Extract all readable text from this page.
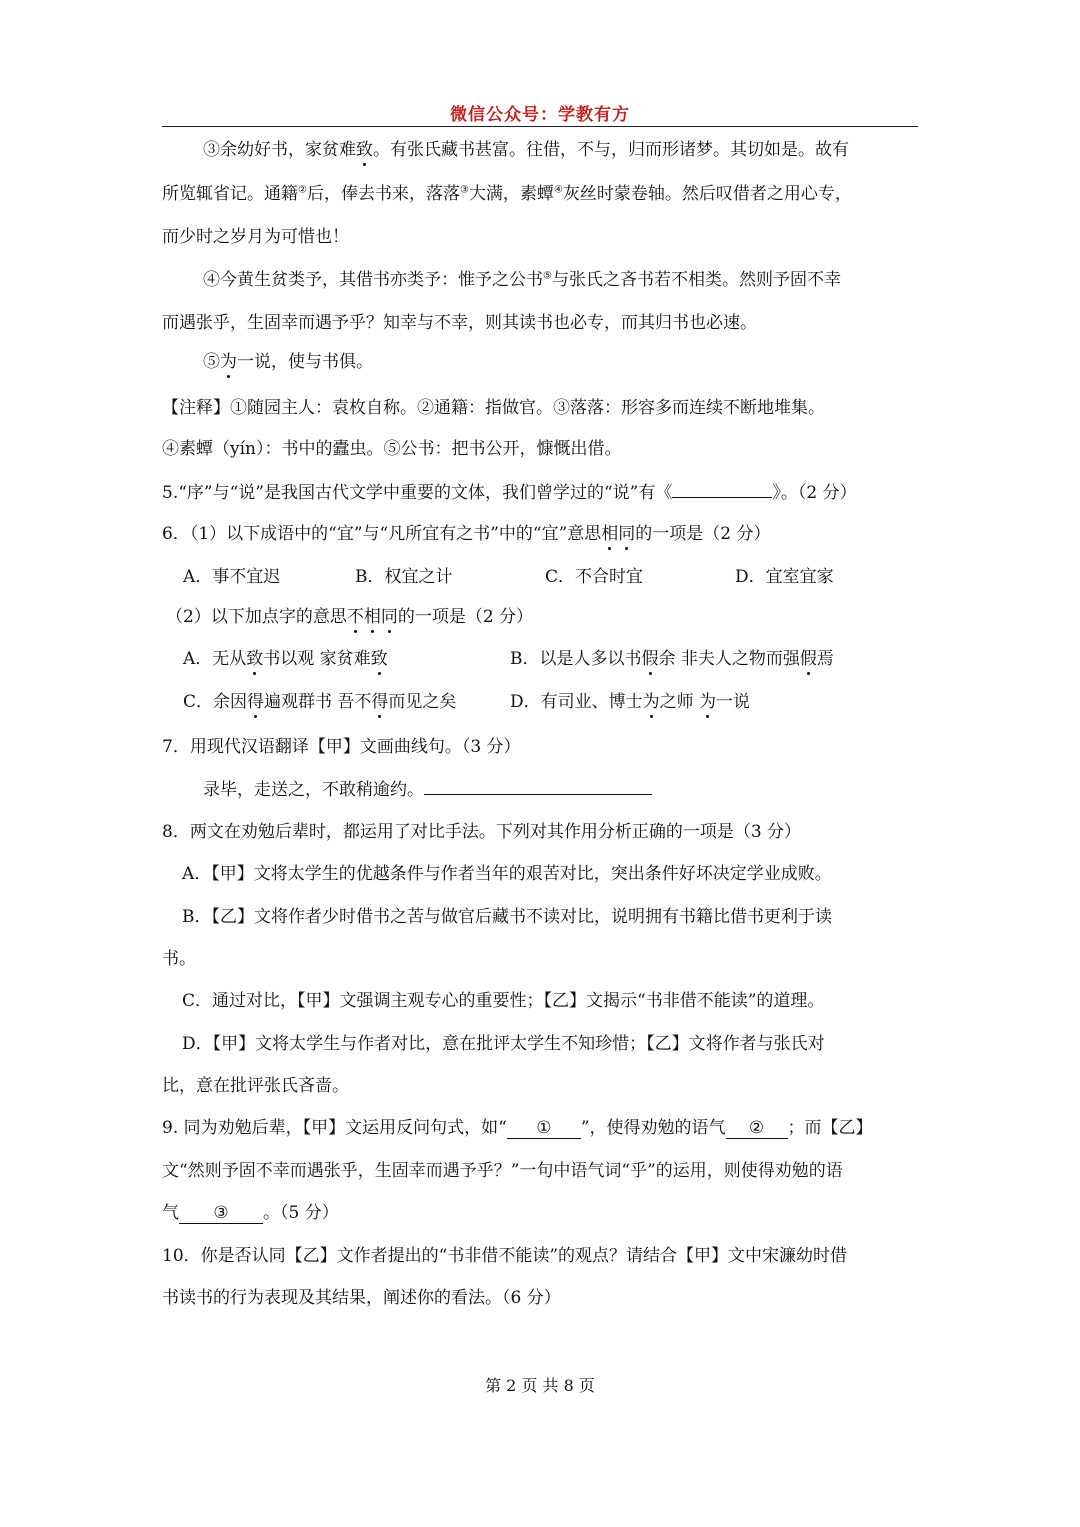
微信公众号：学教有方
③余幼好书，家贫难致。有张氏藏书甚富。往借，不与，归而形诸梦。其切如是。故有
所览辄省记。通籍②后，俸去书来，落落③大满，素蟫④灰丝时蒙卷轴。然后叹借者之用心专，
而少时之岁月为可惜也！
④今黄生贫类予，其借书亦类予：惟予之公书⑤与张氏之吝书若不相类。然则予固不幸
而遇张乎，生固幸而遇予乎？知幸与不幸，则其读书也必专，而其归书也必速。
⑤为一说，使与书俱。
【注释】①随园主人：袁枚自称。②通籍：指做官。③落落：形容多而连续不断地堆集。
④素蟫（yín）：书中的蠹虫。⑤公书：把书公开，慷慨出借。
5.“序”与“说”是我国古代文学中重要的文体，我们曾学过的“说”有《	》。（2 分）
6．（1）以下成语中的“宜”与“凡所宜有之书”中的“宜”意思相同的一项是（2 分）
A．事不宜迟	B．权宜之计	C．不合时宜	D．宜室宜家
（2）以下加点字的意思不相同的一项是（2 分）
A．无从致书以观 家贫难致	B．以是人多以书假余 非夫人之物而强假焉
C．余因得遍观群书 吾不得而见之矣	D．有司业、博士为之师 为一说
7．用现代汉语翻译【甲】文画曲线句。（3 分）
录毕，走送之，不敢稍逾约。
8．两文在劝勉后辈时，都运用了对比手法。下列对其作用分析正确的一项是（3 分）
A．【甲】文将太学生的优越条件与作者当年的艰苦对比，突出条件好坏决定学业成败。
B．【乙】文将作者少时借书之苦与做官后藏书不读对比，说明拥有书籍比借书更利于读
书。
C．通过对比，【甲】文强调主观专心的重要性；【乙】文揭示“书非借不能读”的道理。
D．【甲】文将太学生与作者对比，意在批评太学生不知珍惜；【乙】文将作者与张氏对
比，意在批评张氏吝啬。
9. 同为劝勉后辈，【甲】文运用反问句式，如“ ① ”，使得劝勉的语气 ② ；而【乙】
文“然则予固不幸而遇张乎，生固幸而遇予乎？”一句中语气词“乎”的运用，则使得劝勉的语
气 ③ 。（5 分）
10．你是否认同【乙】文作者提出的“书非借不能读”的观点？请结合【甲】文中宋濂幼时借
书读书的行为表现及其结果，阐述你的看法。（6 分）
第 2 页 共 8 页
